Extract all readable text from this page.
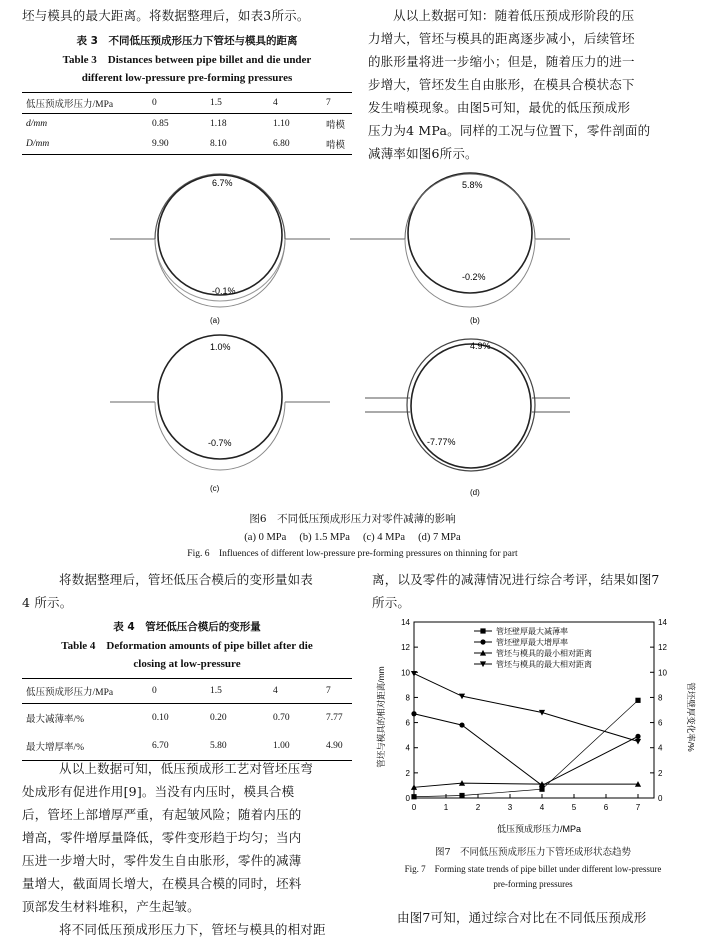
坯与模具的最大距离。将数据整理后，如表3所示。
表 3　不同低压预成形压力下管坯与模具的距离
Table 3　Distances between pipe billet and die under
different low-pressure pre-forming pressures
低压预成形压力/MPa	0	1.5	4	7
d/mm	0.85	1.18	1.10	啃模
D/mm	9.90	8.10	6.80	啃模
从以上数据可知：随着低压预成形阶段的压
力增大，管坯与模具的距离逐步减小，后续管坯
的胀形量将进一步缩小；但是，随着压力的进一
步增大，管坯发生自由胀形，在模具合模状态下
发生啃模现象。由图5可知，最优的低压预成形
压力为4 MPa。同样的工况与位置下，零件剖面的
减薄率如图6所示。
6.7%
-0.1%
(a)
5.8%
-0.2%
(b)
1.0%
-0.7%
(c)
4.9%
-7.77%
(d)
图6　不同低压预成形压力对零件减薄的影响
(a) 0 MPa　 (b) 1.5 MPa　 (c) 4 MPa　 (d) 7 MPa
Fig. 6　Influences of different low-pressure pre-forming pressures on thinning for part
将数据整理后，管坯低压合模后的变形量如表
4 所示。
离，以及零件的减薄情况进行综合考评，结果如图7
所示。
表 4　管坯低压合模后的变形量
Table 4　Deformation amounts of pipe billet after die
closing at low-pressure
低压预成形压力/MPa	0	1.5	4	7
最大减薄率/%	0.10	0.20	0.70	7.77
最大增厚率/%	6.70	5.80	1.00	4.90
从以上数据可知，低压预成形工艺对管坯压弯
处成形有促进作用[9]。当没有内压时，模具合模
后，管坯上部增厚严重，有起皱风险；随着内压的
增高，零件增厚量降低，零件变形趋于均匀；当内
压进一步增大时，零件发生自由胀形，零件的减薄
量增大，截面周长增大，在模具合模的同时，坯料
顶部发生材料堆积，产生起皱。
将不同低压预成形压力下，管坯与模具的相对距
0	1	2	3	4	5	6	7
0	0
2	2
4	4
6	6
8	8
10	10
12	12
14	14
管坯壁厚最大减薄率
管坯壁厚最大增厚率
管坯与模具的最小相对距离
管坯与模具的最大相对距离
低压预成形压力/MPa
管坯与模具的相对距离/mm	管坯壁厚变化率/%
图7　不同低压预成形压力下管坯成形状态趋势
Fig. 7　Forming state trends of pipe billet under different low-pressure
pre-forming pressures
由图7可知，通过综合对比在不同低压预成形
